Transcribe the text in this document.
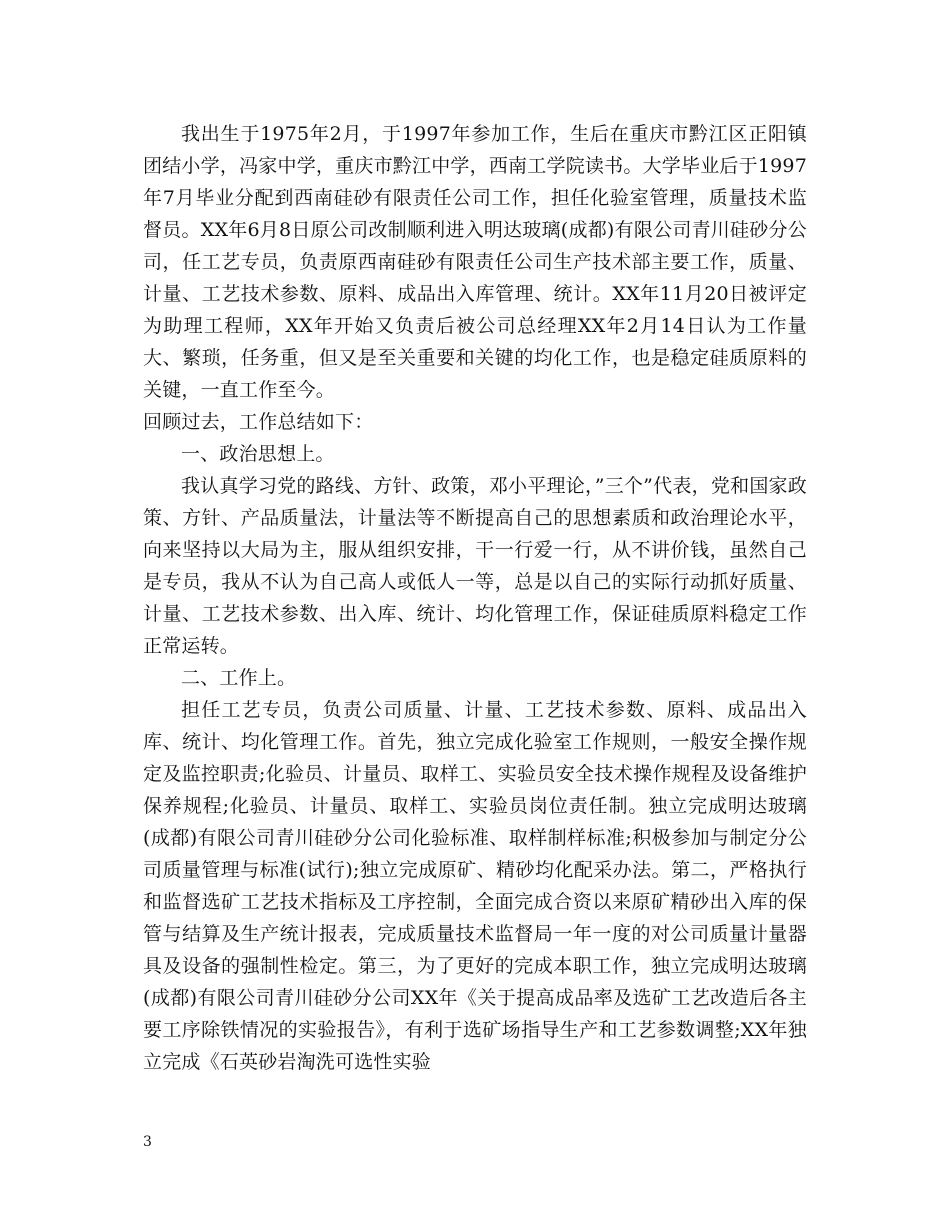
我出生于1975年2月，于1997年参加工作，生后在重庆市黔江区正阳镇团结小学，冯家中学，重庆市黔江中学，西南工学院读书。大学毕业后于1997年7月毕业分配到西南硅砂有限责任公司工作，担任化验室管理，质量技术监督员。XX年6月8日原公司改制顺利进入明达玻璃(成都)有限公司青川硅砂分公司，任工艺专员，负责原西南硅砂有限责任公司生产技术部主要工作，质量、计量、工艺技术参数、原料、成品出入库管理、统计。XX年11月20日被评定为助理工程师，XX年开始又负责后被公司总经理XX年2月14日认为工作量大、繁琐，任务重，但又是至关重要和关键的均化工作，也是稳定硅质原料的关键，一直工作至今。

回顾过去，工作总结如下：

一、政治思想上。

我认真学习党的路线、方针、政策，邓小平理论，”三个”代表，党和国家政策、方针、产品质量法，计量法等不断提高自己的思想素质和政治理论水平，向来坚持以大局为主，服从组织安排，干一行爱一行，从不讲价钱，虽然自己是专员，我从不认为自己高人或低人一等，总是以自己的实际行动抓好质量、计量、工艺技术参数、出入库、统计、均化管理工作，保证硅质原料稳定工作正常运转。

二、工作上。

担任工艺专员，负责公司质量、计量、工艺技术参数、原料、成品出入库、统计、均化管理工作。首先，独立完成化验室工作规则，一般安全操作规定及监控职责;化验员、计量员、取样工、实验员安全技术操作规程及设备维护保养规程;化验员、计量员、取样工、实验员岗位责任制。独立完成明达玻璃(成都)有限公司青川硅砂分公司化验标准、取样制样标准;积极参加与制定分公司质量管理与标准(试行);独立完成原矿、精砂均化配采办法。第二，严格执行和监督选矿工艺技术指标及工序控制，全面完成合资以来原矿精砂出入库的保管与结算及生产统计报表，完成质量技术监督局一年一度的对公司质量计量器具及设备的强制性检定。第三，为了更好的完成本职工作，独立完成明达玻璃(成都)有限公司青川硅砂分公司XX年《关于提高成品率及选矿工艺改造后各主要工序除铁情况的实验报告》，有利于选矿场指导生产和工艺参数调整;XX年独立完成《石英砂岩淘洗可选性实验

3
